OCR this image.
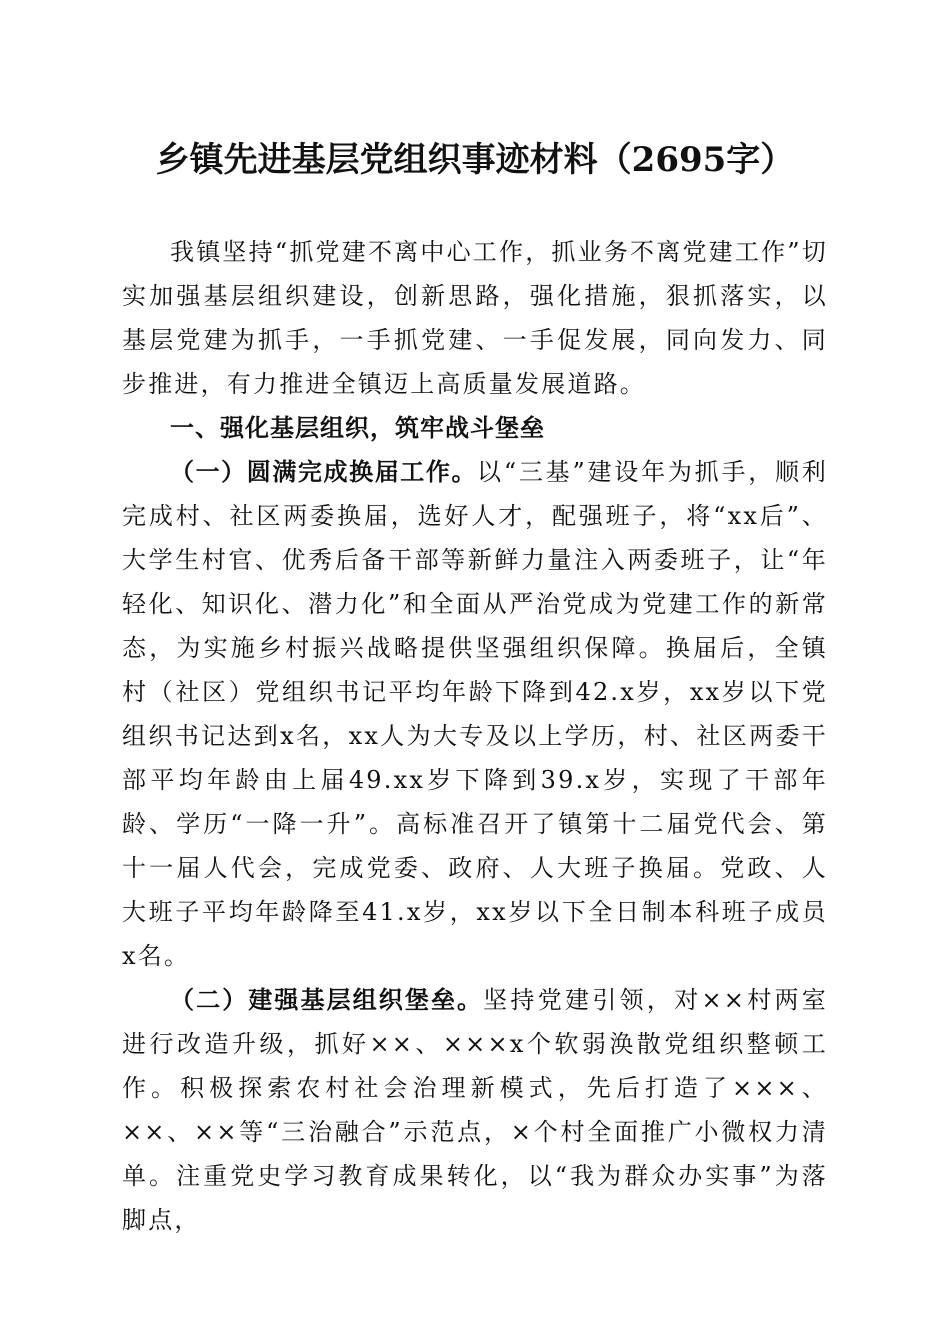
乡镇先进基层党组织事迹材料（2695字）

我镇坚持“抓党建不离中心工作，抓业务不离党建工作”切实加强基层组织建设，创新思路，强化措施，狠抓落实，以基层党建为抓手，一手抓党建、一手促发展，同向发力、同步推进，有力推进全镇迈上高质量发展道路。

一、强化基层组织，筑牢战斗堡垒

（一）圆满完成换届工作。以“三基”建设年为抓手，顺利完成村、社区两委换届，选好人才，配强班子，将“xx后”、大学生村官、优秀后备干部等新鲜力量注入两委班子，让“年轻化、知识化、潜力化”和全面从严治党成为党建工作的新常态，为实施乡村振兴战略提供坚强组织保障。换届后，全镇村（社区）党组织书记平均年龄下降到42.x岁，xx岁以下党组织书记达到x名，xx人为大专及以上学历，村、社区两委干部平均年龄由上届49.xx岁下降到39.x岁，实现了干部年龄、学历“一降一升”。高标准召开了镇第十二届党代会、第十一届人代会，完成党委、政府、人大班子换届。党政、人大班子平均年龄降至41.x岁，xx岁以下全日制本科班子成员x名。

（二）建强基层组织堡垒。坚持党建引领，对××村两室进行改造升级，抓好××、×××x个软弱涣散党组织整顿工作。积极探索农村社会治理新模式，先后打造了×××、××、××等“三治融合”示范点，×个村全面推广小微权力清单。注重党史学习教育成果转化，以“我为群众办实事”为落脚点，
